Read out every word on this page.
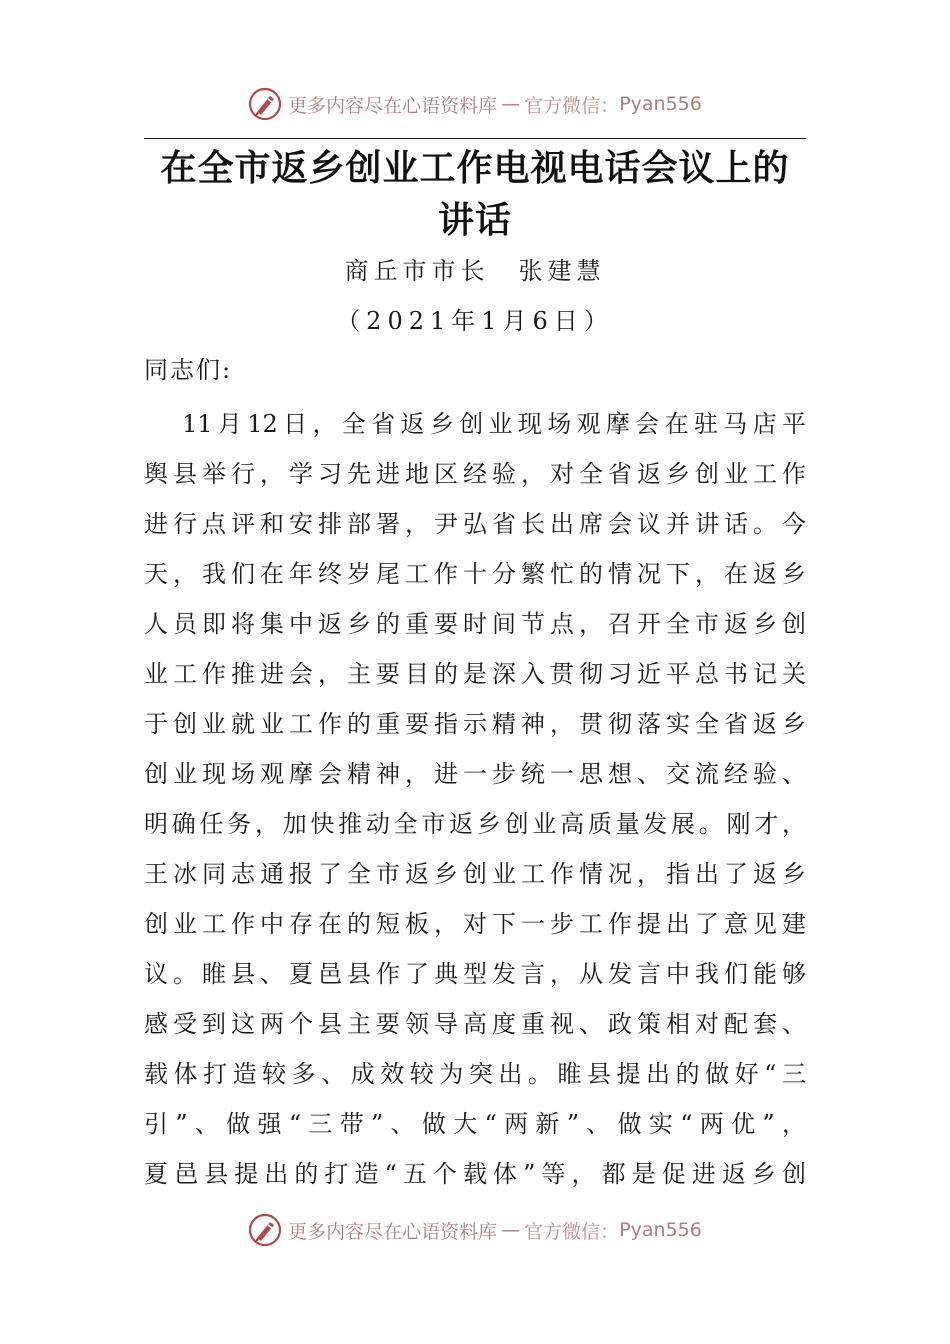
更多内容尽在心语资料库 — 官方微信： Pyan556
在全市返乡创业工作电视电话会议上的
讲话
商丘市市长　张建慧
（2021年1月6日）
同志们:
11月12日，全省返乡创业现场观摩会在驻马店平
舆县举行，学习先进地区经验，对全省返乡创业工作
进行点评和安排部署，尹弘省长出席会议并讲话。今
天，我们在年终岁尾工作十分繁忙的情况下，在返乡
人员即将集中返乡的重要时间节点，召开全市返乡创
业工作推进会，主要目的是深入贯彻习近平总书记关
于创业就业工作的重要指示精神，贯彻落实全省返乡
创业现场观摩会精神，进一步统一思想、交流经验、
明确任务，加快推动全市返乡创业高质量发展。刚才，
王冰同志通报了全市返乡创业工作情况，指出了返乡
创业工作中存在的短板，对下一步工作提出了意见建
议。睢县、夏邑县作了典型发言，从发言中我们能够
感受到这两个县主要领导高度重视、政策相对配套、
载体打造较多、成效较为突出。睢县提出的做好“三
引”、做强“三带”、做大“两新”、做实“两优”，
夏邑县提出的打造“五个载体”等，都是促进返乡创
更多内容尽在心语资料库 — 官方微信： Pyan556
